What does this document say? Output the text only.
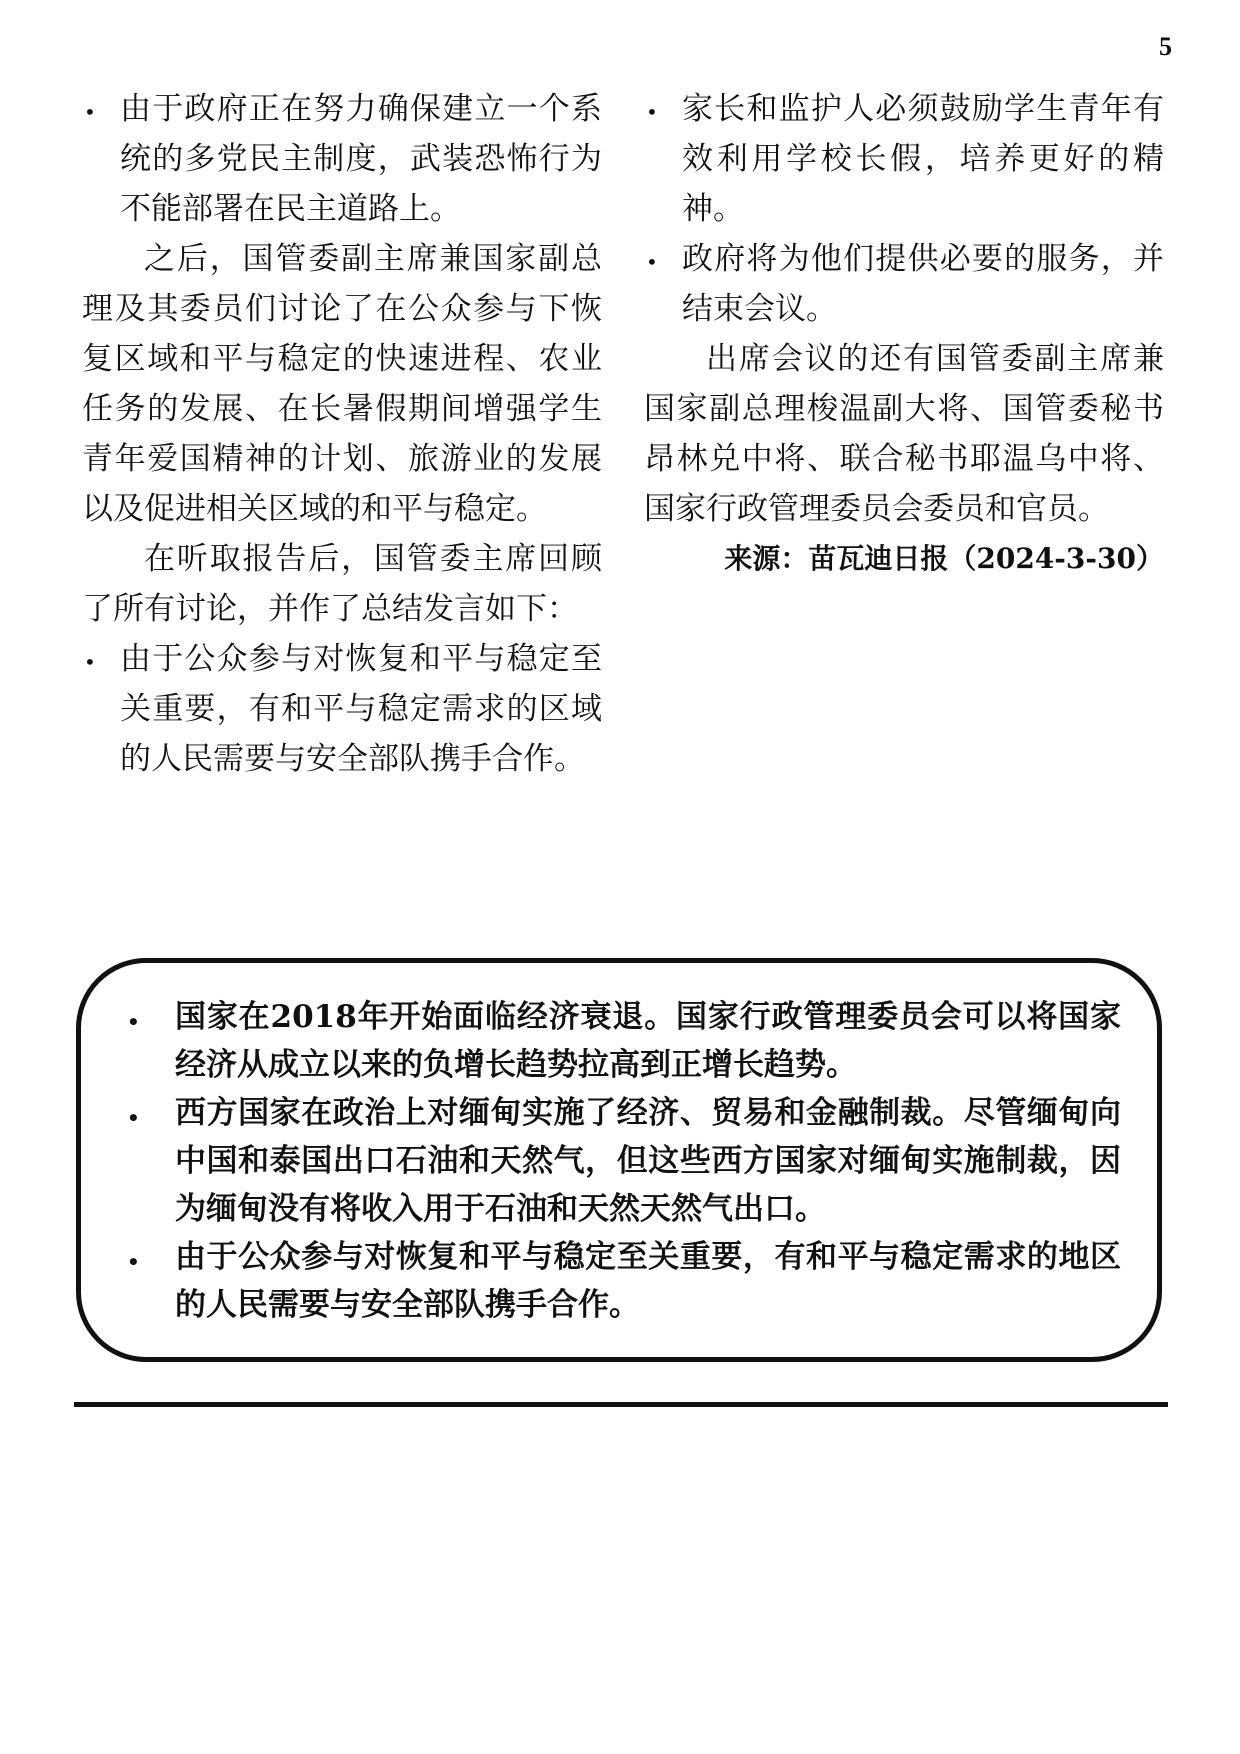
5
• 由于政府正在努力确保建立一个系统的多党民主制度，武装恐怖行为不能部署在民主道路上。

之后，国管委副主席兼国家副总理及其委员们讨论了在公众参与下恢复区域和平与稳定的快速进程、农业任务的发展、在长暑假期间增强学生青年爱国精神的计划、旅游业的发展以及促进相关区域的和平与稳定。

在听取报告后，国管委主席回顾了所有讨论，并作了总结发言如下：

• 由于公众参与对恢复和平与稳定至关重要，有和平与稳定需求的区域的人民需要与安全部队携手合作。
• 家长和监护人必须鼓励学生青年有效利用学校长假，培养更好的精神。
• 政府将为他们提供必要的服务，并结束会议。

出席会议的还有国管委副主席兼国家副总理梭温副大将、国管委秘书昂林兑中将、联合秘书耶温乌中将、国家行政管理委员会委员和官员。

来源：苗瓦迪日报（2024-3-30）

• 国家在2018年开始面临经济衰退。国家行政管理委员会可以将国家经济从成立以来的负增长趋势拉高到正增长趋势。
• 西方国家在政治上对缅甸实施了经济、贸易和金融制裁。尽管缅甸向中国和泰国出口石油和天然气，但这些西方国家对缅甸实施制裁，因为缅甸没有将收入用于石油和天然天然气出口。
• 由于公众参与对恢复和平与稳定至关重要，有和平与稳定需求的地区的人民需要与安全部队携手合作。
